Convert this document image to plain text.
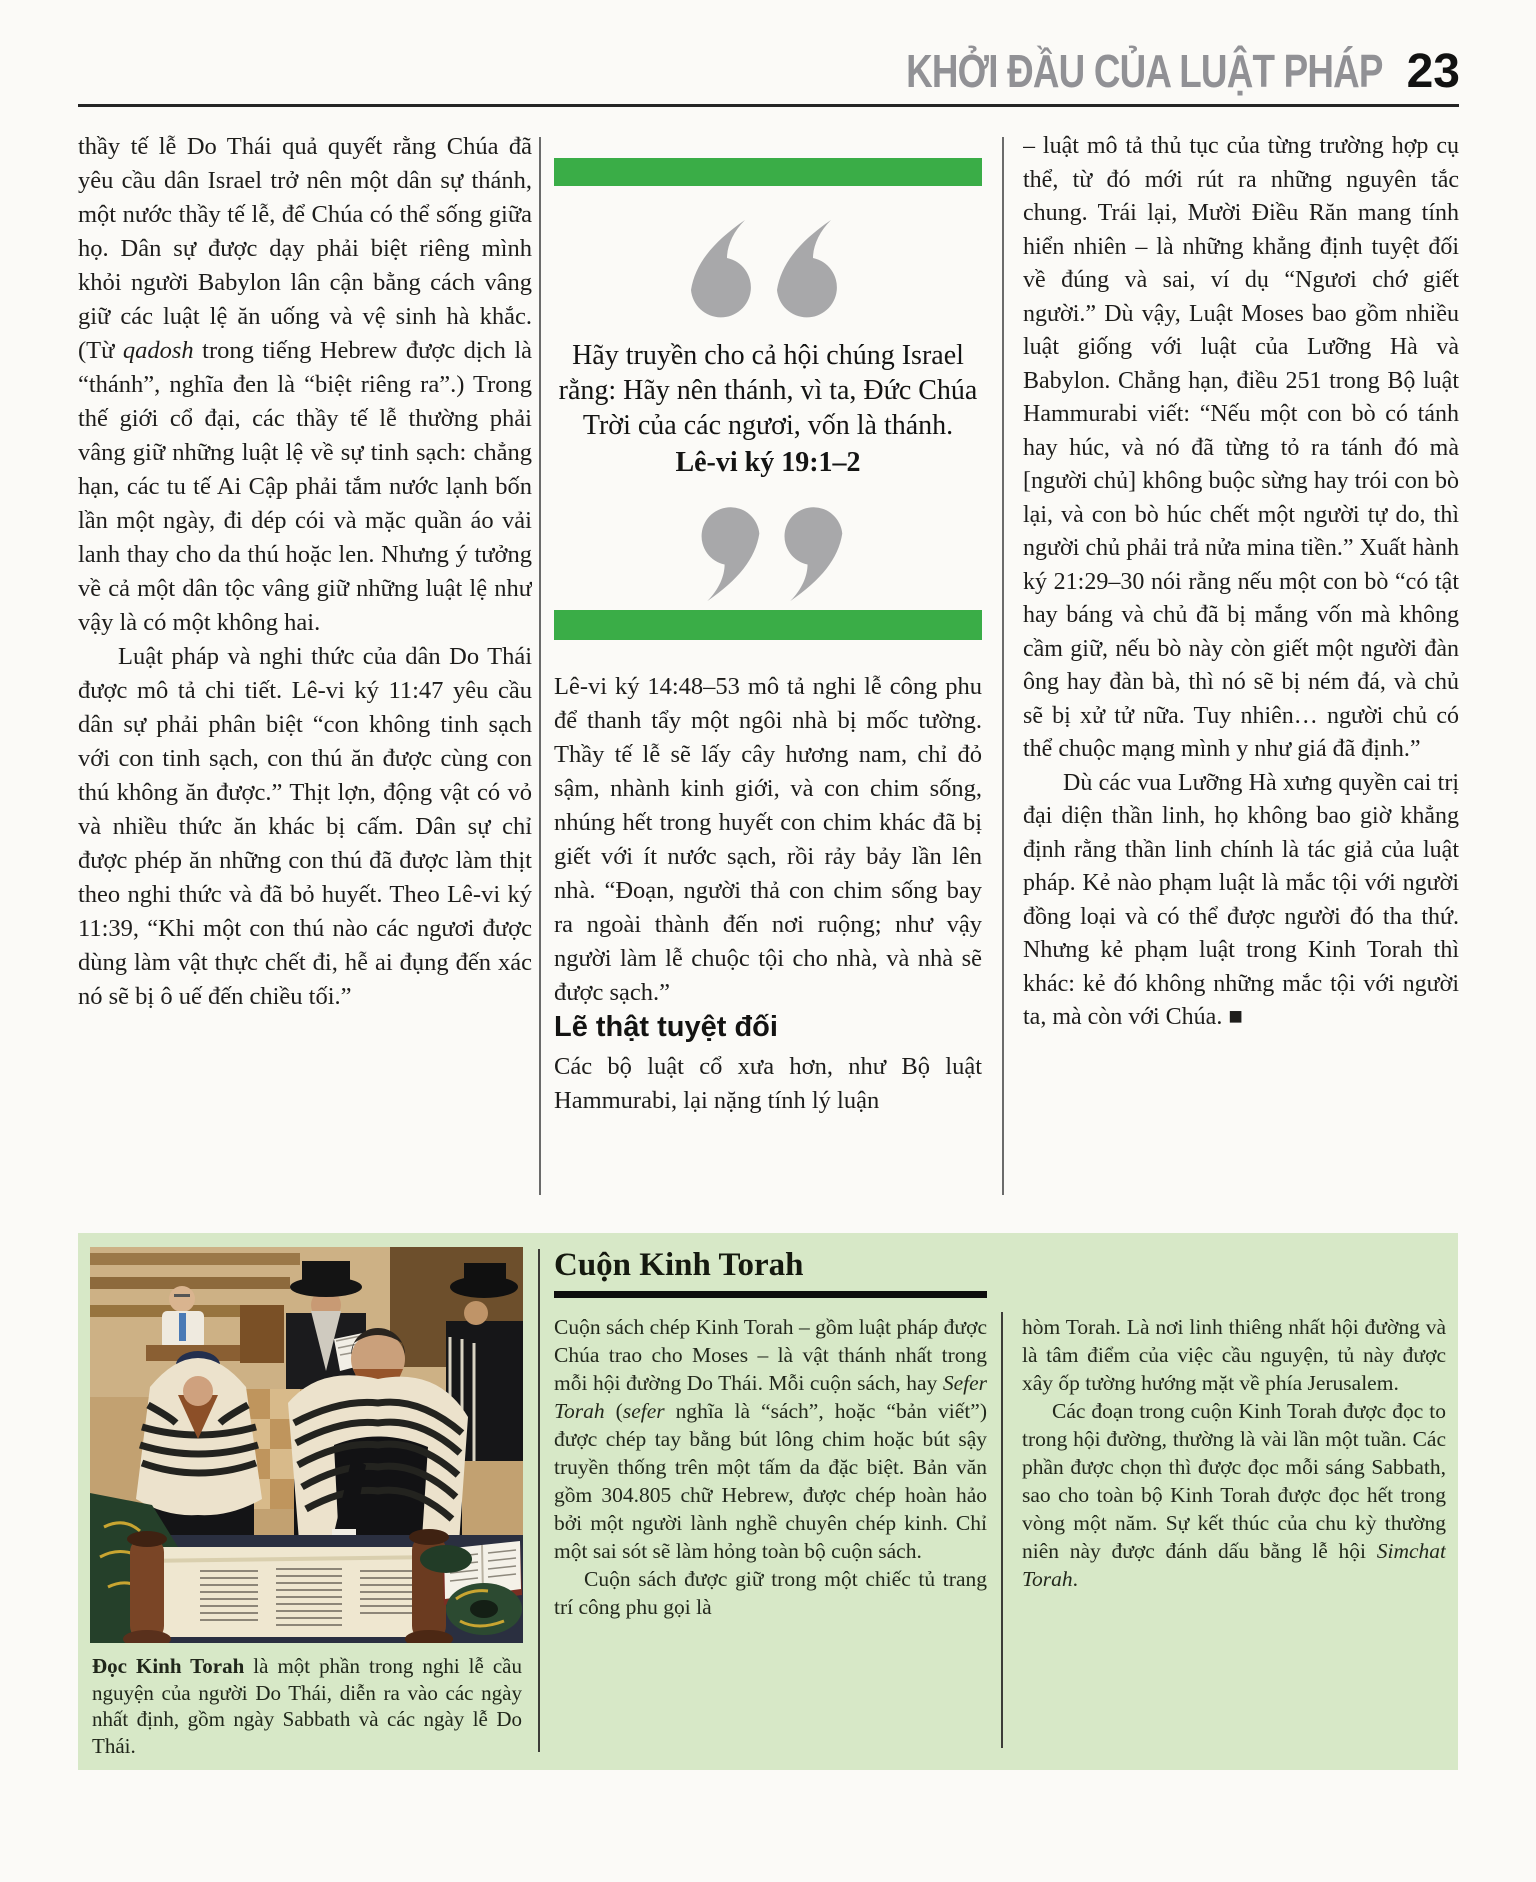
KHỞI ĐẦU CỦA LUẬT PHÁP 23

thầy tế lễ Do Thái quả quyết rằng Chúa đã yêu cầu dân Israel trở nên một dân sự thánh, một nước thầy tế lễ, để Chúa có thể sống giữa họ. Dân sự được dạy phải biệt riêng mình khỏi người Babylon lân cận bằng cách vâng giữ các luật lệ ăn uống và vệ sinh hà khắc. (Từ qadosh trong tiếng Hebrew được dịch là “thánh”, nghĩa đen là “biệt riêng ra”.) Trong thế giới cổ đại, các thầy tế lễ thường phải vâng giữ những luật lệ về sự tinh sạch: chẳng hạn, các tu tế Ai Cập phải tắm nước lạnh bốn lần một ngày, đi dép cói và mặc quần áo vải lanh thay cho da thú hoặc len. Nhưng ý tưởng về cả một dân tộc vâng giữ những luật lệ như vậy là có một không hai.

Luật pháp và nghi thức của dân Do Thái được mô tả chi tiết. Lê-vi ký 11:47 yêu cầu dân sự phải phân biệt “con không tinh sạch với con tinh sạch, con thú ăn được cùng con thú không ăn được.” Thịt lợn, động vật có vỏ và nhiều thức ăn khác bị cấm. Dân sự chỉ được phép ăn những con thú đã được làm thịt theo nghi thức và đã bỏ huyết. Theo Lê-vi ký 11:39, “Khi một con thú nào các ngươi được dùng làm vật thực chết đi, hễ ai đụng đến xác nó sẽ bị ô uế đến chiều tối.”

Hãy truyền cho cả hội chúng Israel rằng: Hãy nên thánh, vì ta, Đức Chúa Trời của các ngươi, vốn là thánh.
Lê-vi ký 19:1–2

Lê-vi ký 14:48–53 mô tả nghi lễ công phu để thanh tẩy một ngôi nhà bị mốc tường. Thầy tế lễ sẽ lấy cây hương nam, chỉ đỏ sậm, nhành kinh giới, và con chim sống, nhúng hết trong huyết con chim khác đã bị giết với ít nước sạch, rồi rảy bảy lần lên nhà. “Đoạn, người thả con chim sống bay ra ngoài thành đến nơi ruộng; như vậy người làm lễ chuộc tội cho nhà, và nhà sẽ được sạch.”

Lẽ thật tuyệt đối

Các bộ luật cổ xưa hơn, như Bộ luật Hammurabi, lại nặng tính lý luận

– luật mô tả thủ tục của từng trường hợp cụ thể, từ đó mới rút ra những nguyên tắc chung. Trái lại, Mười Điều Răn mang tính hiển nhiên – là những khẳng định tuyệt đối về đúng và sai, ví dụ “Ngươi chớ giết người.” Dù vậy, Luật Moses bao gồm nhiều luật giống với luật của Lưỡng Hà và Babylon. Chẳng hạn, điều 251 trong Bộ luật Hammurabi viết: “Nếu một con bò có tánh hay húc, và nó đã từng tỏ ra tánh đó mà [người chủ] không buộc sừng hay trói con bò lại, và con bò húc chết một người tự do, thì người chủ phải trả nửa mina tiền.” Xuất hành ký 21:29–30 nói rằng nếu một con bò “có tật hay báng và chủ đã bị mắng vốn mà không cầm giữ, nếu bò này còn giết một người đàn ông hay đàn bà, thì nó sẽ bị ném đá, và chủ sẽ bị xử tử nữa. Tuy nhiên… người chủ có thể chuộc mạng mình y như giá đã định.”

Dù các vua Lưỡng Hà xưng quyền cai trị đại diện thần linh, họ không bao giờ khẳng định rằng thần linh chính là tác giả của luật pháp. Kẻ nào phạm luật là mắc tội với người đồng loại và có thể được người đó tha thứ. Nhưng kẻ phạm luật trong Kinh Torah thì khác: kẻ đó không những mắc tội với người ta, mà còn với Chúa. ■

Đọc Kinh Torah là một phần trong nghi lễ cầu nguyện của người Do Thái, diễn ra vào các ngày nhất định, gồm ngày Sabbath và các ngày lễ Do Thái.
Cuộn Kinh Torah

Cuộn sách chép Kinh Torah – gồm luật pháp được Chúa trao cho Moses – là vật thánh nhất trong mỗi hội đường Do Thái. Mỗi cuộn sách, hay Sefer Torah (sefer nghĩa là “sách”, hoặc “bản viết”) được chép tay bằng bút lông chim hoặc bút sậy truyền thống trên một tấm da đặc biệt. Bản văn gồm 304.805 chữ Hebrew, được chép hoàn hảo bởi một người lành nghề chuyên chép kinh. Chỉ một sai sót sẽ làm hỏng toàn bộ cuộn sách.

Cuộn sách được giữ trong một chiếc tủ trang trí công phu gọi là

hòm Torah. Là nơi linh thiêng nhất hội đường và là tâm điểm của việc cầu nguyện, tủ này được xây ốp tường hướng mặt về phía Jerusalem.

Các đoạn trong cuộn Kinh Torah được đọc to trong hội đường, thường là vài lần một tuần. Các phần được chọn thì được đọc mỗi sáng Sabbath, sao cho toàn bộ Kinh Torah được đọc hết trong vòng một năm. Sự kết thúc của chu kỳ thường niên này được đánh dấu bằng lễ hội Simchat Torah.
